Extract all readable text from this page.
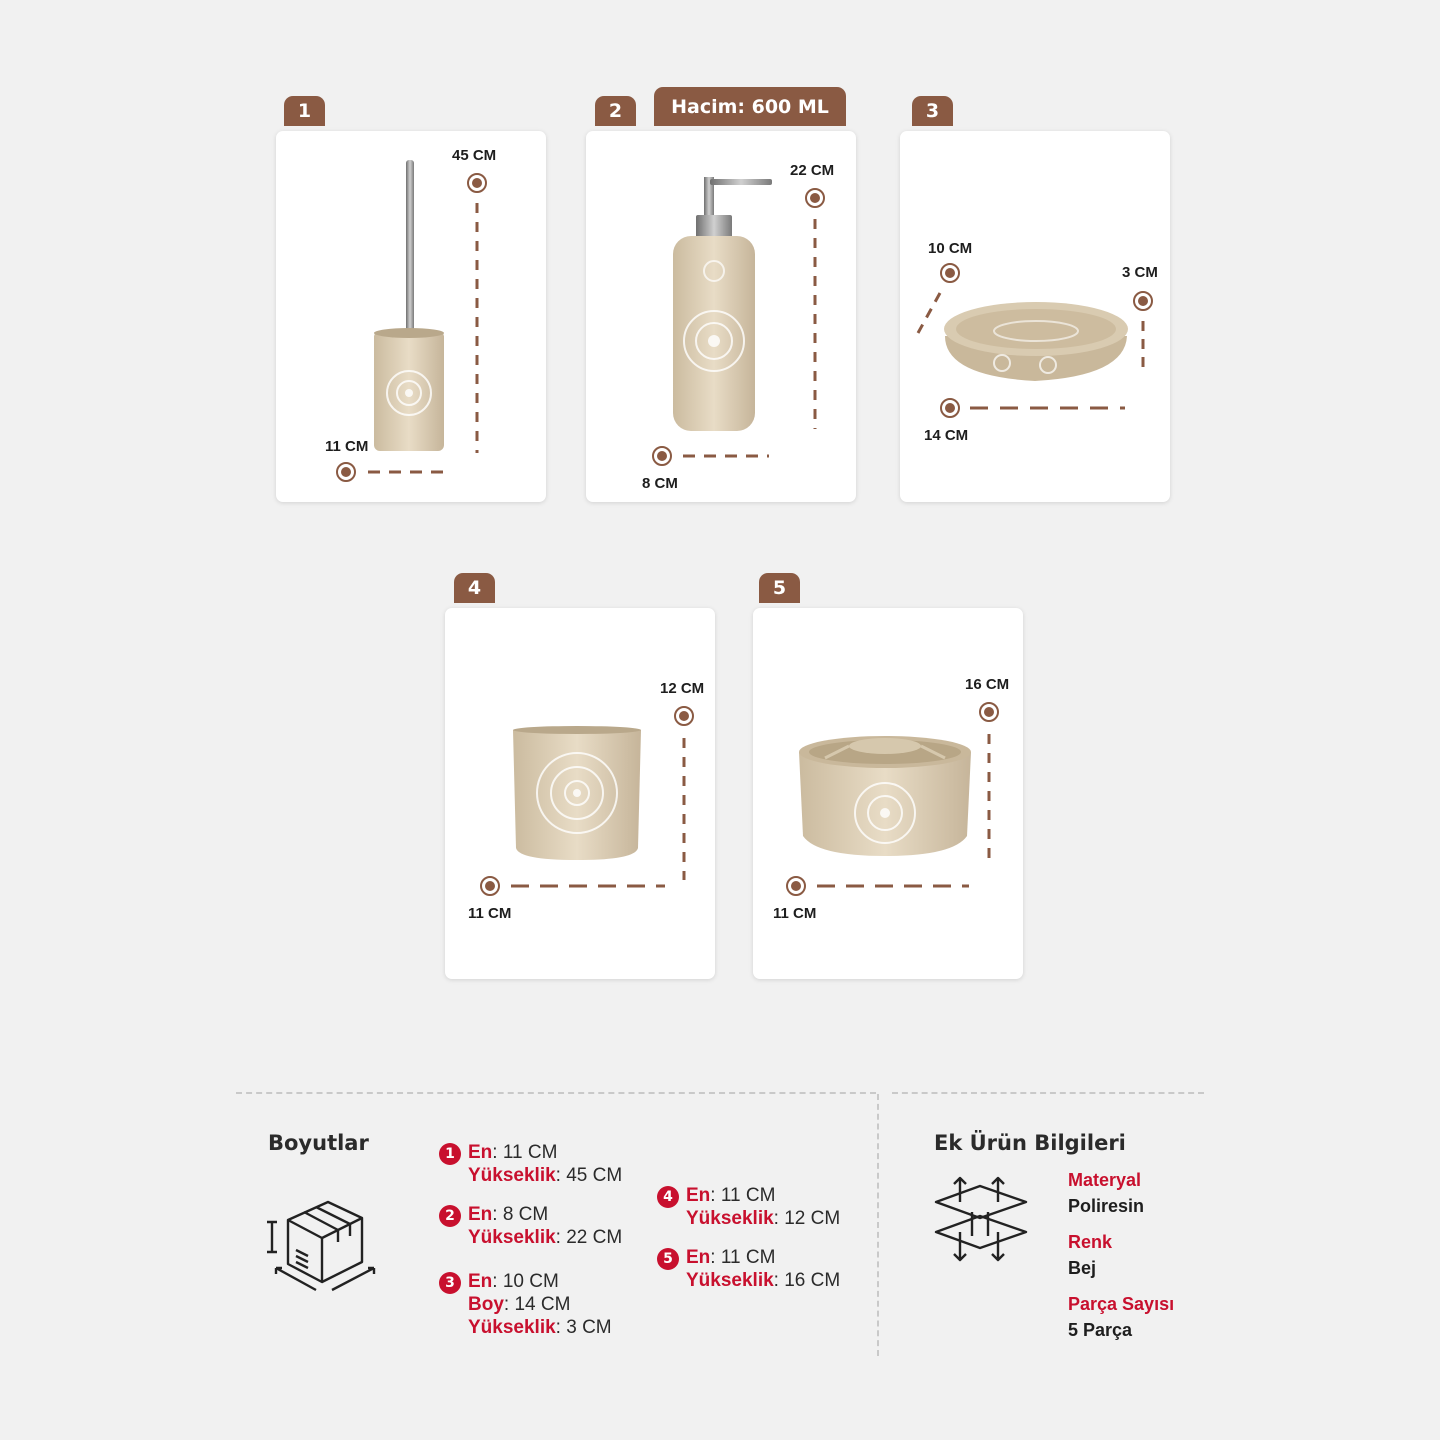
1
45 CM
11 CM
2	Hacim: 600 ML
22 CM
8 CM
3
10 CM
3 CM
14 CM
4
12 CM
11 CM
5
16 CM
11 CM
Boyutlar	1 En: 11 CM
Yükseklik: 45 CM
2 En: 8 CM
Yükseklik: 22 CM
3 En: 10 CM
Boy: 14 CM
Yükseklik: 3 CM
4 En: 11 CM
Yükseklik: 12 CM
5 En: 11 CM
Yükseklik: 16 CM
Ek Ürün Bilgileri
Materyal
Poliresin
Renk
Bej
Parça Sayısı
5 Parça
